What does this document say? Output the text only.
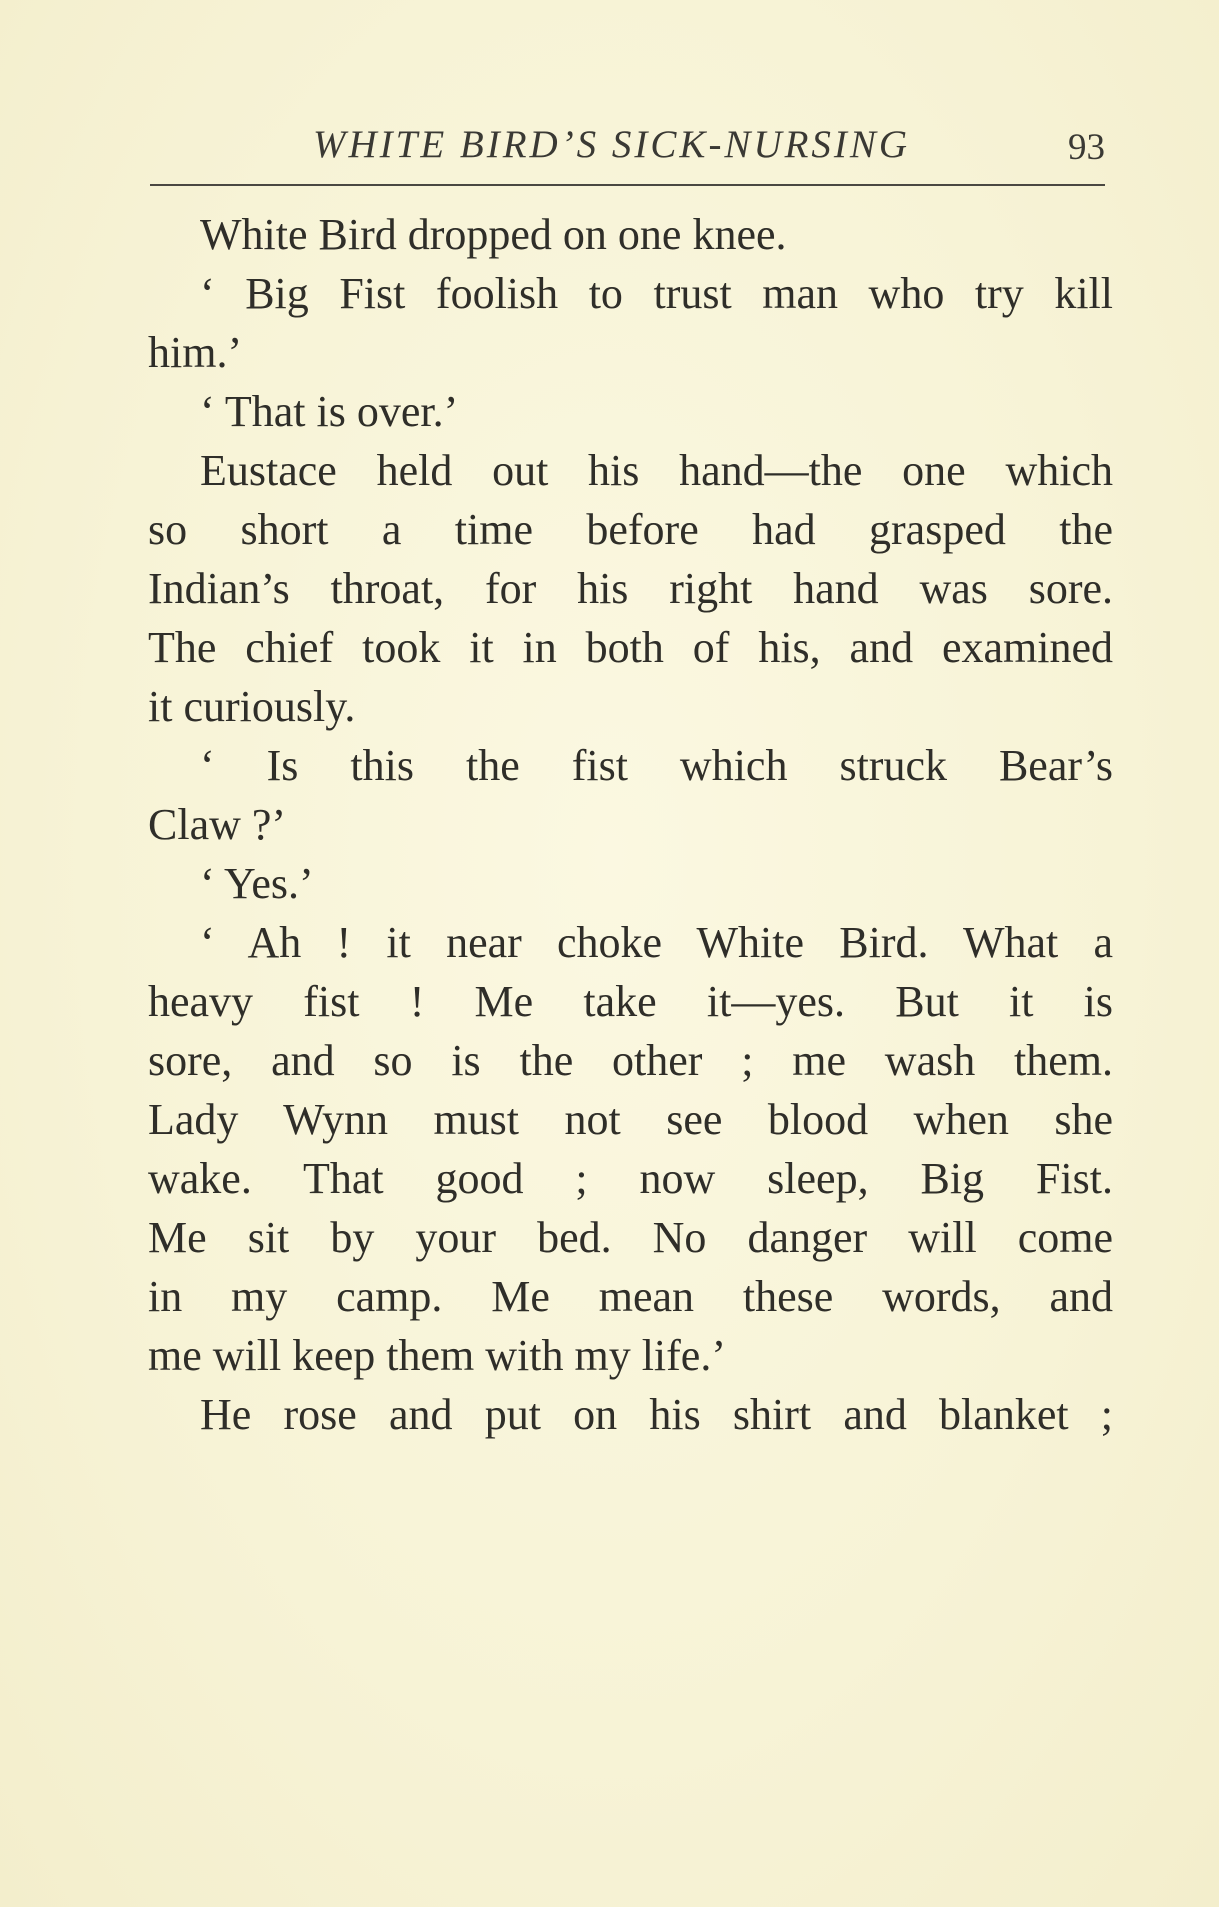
WHITE BIRD’S SICK-NURSING	93
White Bird dropped on one knee.
‘ Big Fist foolish to trust man who try kill
him.’
‘ That is over.’
Eustace held out his hand—the one which
so short a time before had grasped the
Indian’s throat, for his right hand was sore.
The chief took it in both of his, and examined
it curiously.
‘ Is this the fist which struck Bear’s
Claw ?’
‘ Yes.’
‘ Ah ! it near choke White Bird. What a
heavy fist ! Me take it—yes. But it is
sore, and so is the other ; me wash them.
Lady Wynn must not see blood when she
wake. That good ; now sleep, Big Fist.
Me sit by your bed. No danger will come
in my camp. Me mean these words, and
me will keep them with my life.’
He rose and put on his shirt and blanket ;
